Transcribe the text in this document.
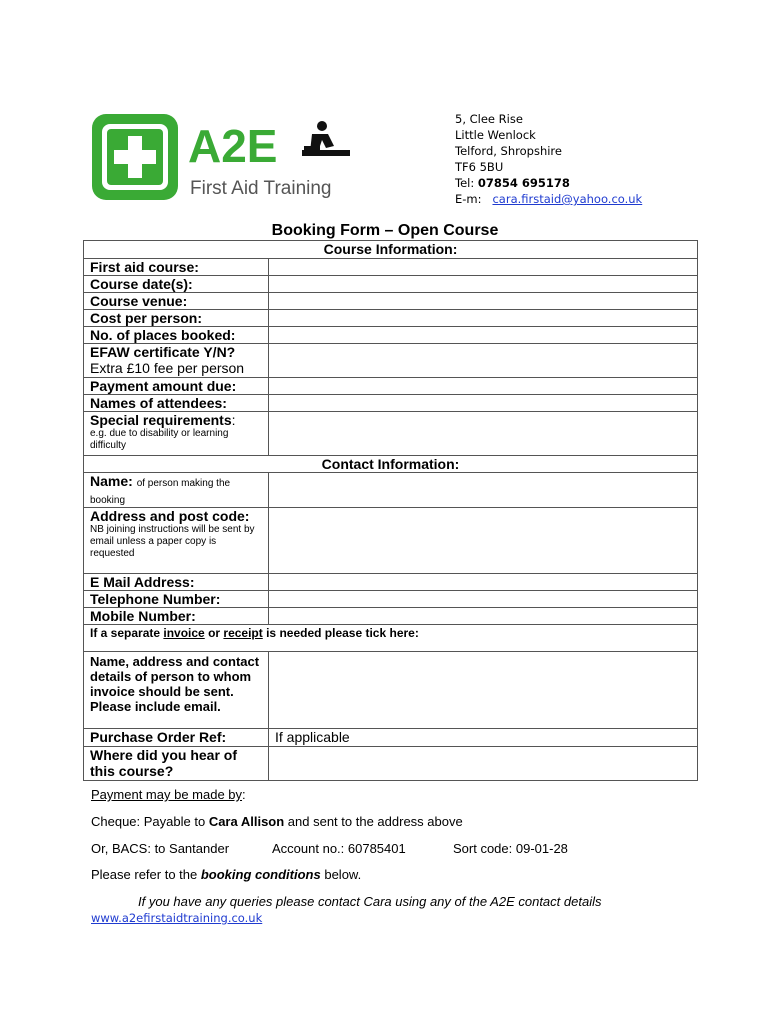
A2E
First Aid Training
5, Clee Rise
Little Wenlock
Telford, Shropshire
TF6 5BU
Tel: 07854 695178
E-m: cara.firstaid@yahoo.co.uk
Booking Form – Open Course
Course Information:	
First aid course:	
Course date(s):	
Course venue:	
Cost per person:	
No. of places booked:	

EFAW certificate Y/N?
Extra £10 fee per person	

Payment amount due:	
Names of attendees:	
Special requirements:
e.g. due to disability or learning difficulty	

Contact Information:	
Name: of person making the booking	

Address and post code:
NB joining instructions will be sent by email unless a paper copy is requested	

E Mail Address:	
Telephone Number:	
Mobile Number:	
If a separate invoice or receipt is needed please tick here:	
Name, address and contact details of person to whom invoice should be sent. Please include email.	
Purchase Order Ref:	If applicable
Where did you hear of this course?	
Payment may be made by:
Cheque: Payable to Cara Allison and sent to the address above
Or, BACS: to Santander	Account no.: 60785401	Sort code: 09-01-28
Please refer to the booking conditions below.
If you have any queries please contact Cara using any of the A2E contact details
www.a2efirstaidtraining.co.uk
